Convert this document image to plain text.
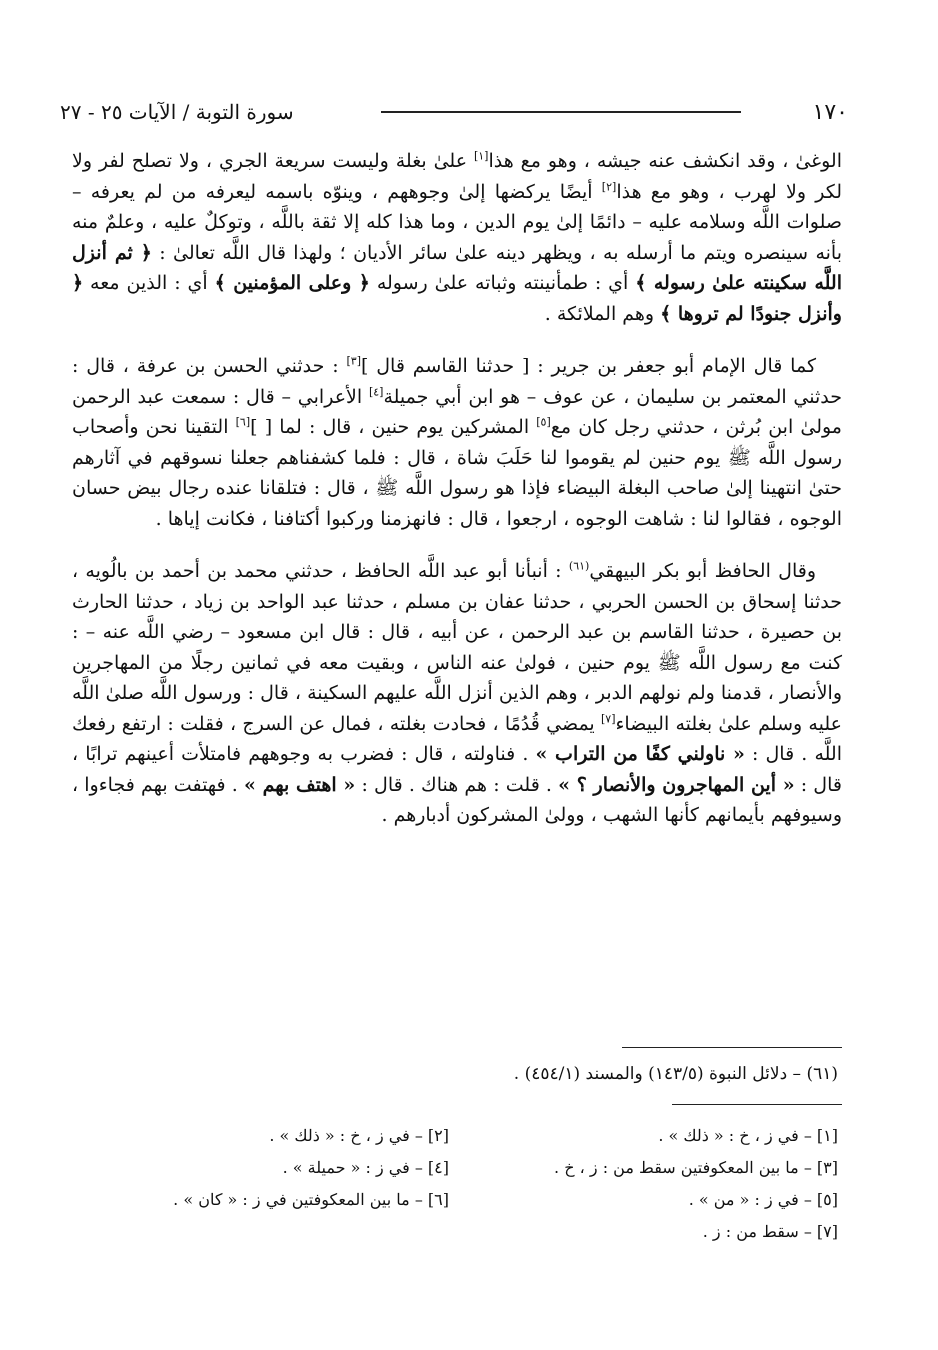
١٧٠
سورة التوبة / الآيات ٢٥ - ٢٧

الوغىٰ ، وقد انكشف عنه جيشه ، وهو مع هذا[١] علىٰ بغلة وليست سريعة الجري ، ولا تصلح لفر ولا لكر ولا لهرب ، وهو مع هذا[٢] أيضًا يركضها إلىٰ وجوههم ، وينوّه باسمه ليعرفه من لم يعرفه – صلوات اللَّه وسلامه عليه – دائمًا إلىٰ يوم الدين ، وما هذا كله إلا ثقة باللَّه ، وتوكلٌ عليه ، وعلمٌ منه بأنه سينصره ويتم ما أرسله به ، ويظهر دينه علىٰ سائر الأديان ؛ ولهذا قال اللَّه تعالىٰ : ﴿ ثم أنزل اللَّه سكينته علىٰ رسوله ﴾ أي : طمأنينته وثباته علىٰ رسوله ﴿ وعلى المؤمنين ﴾ أي : الذين معه ﴿ وأنزل جنودًا لم تروها ﴾ وهم الملائكة .

كما قال الإمام أبو جعفر بن جرير : [ حدثنا القاسم قال ][٣] : حدثني الحسن بن عرفة ، قال : حدثني المعتمر بن سليمان ، عن عوف – هو ابن أبي جميلة[٤] الأعرابي – قال : سمعت عبد الرحمن مولىٰ ابن بُرثن ، حدثني رجل كان مع[٥] المشركين يوم حنين ، قال : لما [ ][٦] التقينا نحن وأصحاب رسول اللَّه ﷺ يوم حنين لم يقوموا لنا حَلَبَ شاة ، قال : فلما كشفناهم جعلنا نسوقهم في آثارهم حتىٰ انتهينا إلىٰ صاحب البغلة البيضاء فإذا هو رسول اللَّه ﷺ ، قال : فتلقانا عنده رجال بيض حسان الوجوه ، فقالوا لنا : شاهت الوجوه ، ارجعوا ، قال : فانهزمنا وركبوا أكتافنا ، فكانت إياها .

وقال الحافظ أبو بكر البيهقي$^{(٦١)}$ : أنبأنا أبو عبد اللَّه الحافظ ، حدثني محمد بن أحمد بن بالُويه ، حدثنا إسحاق بن الحسن الحربي ، حدثنا عفان بن مسلم ، حدثنا عبد الواحد بن زياد ، حدثنا الحارث بن حصيرة ، حدثنا القاسم بن عبد الرحمن ، عن أبيه ، قال : قال ابن مسعود – رضي اللَّه عنه – : كنت مع رسول اللَّه ﷺ يوم حنين ، فولىٰ عنه الناس ، وبقيت معه في ثمانين رجلًا من المهاجرين والأنصار ، قدمنا ولم نولهم الدبر ، وهم الذين أنزل اللَّه عليهم السكينة ، قال : ورسول اللَّه صلىٰ اللَّه عليه وسلم علىٰ بغلته البيضاء[٧] يمضي قُدُمًا ، فحادت بغلته ، فمال عن السرج ، فقلت : ارتفع رفعك اللَّه . قال : « ناولني كفًا من التراب » . فناولته ، قال : فضرب به وجوههم فامتلأت أعينهم ترابًا ، قال : « أين المهاجرون والأنصار ؟ » . قلت : هم هناك . قال : « اهتف بهم » . فهتفت بهم فجاءوا ، وسيوفهم بأيمانهم كأنها الشهب ، وولىٰ المشركون أدبارهم .

(٦١) – دلائل النبوة (١٤٣/٥) والمسند (٤٥٤/١) .
[١] – في ز ، خ : « ذلك » .
[٢] – في ز ، خ : « ذلك » .
[٣] – ما بين المعكوفتين سقط من : ز ، خ .
[٤] – في ز : « حميلة » .
[٥] – في ز : « من » .
[٦] – ما بين المعكوفتين في ز : « كان » .
[٧] – سقط من : ز .
